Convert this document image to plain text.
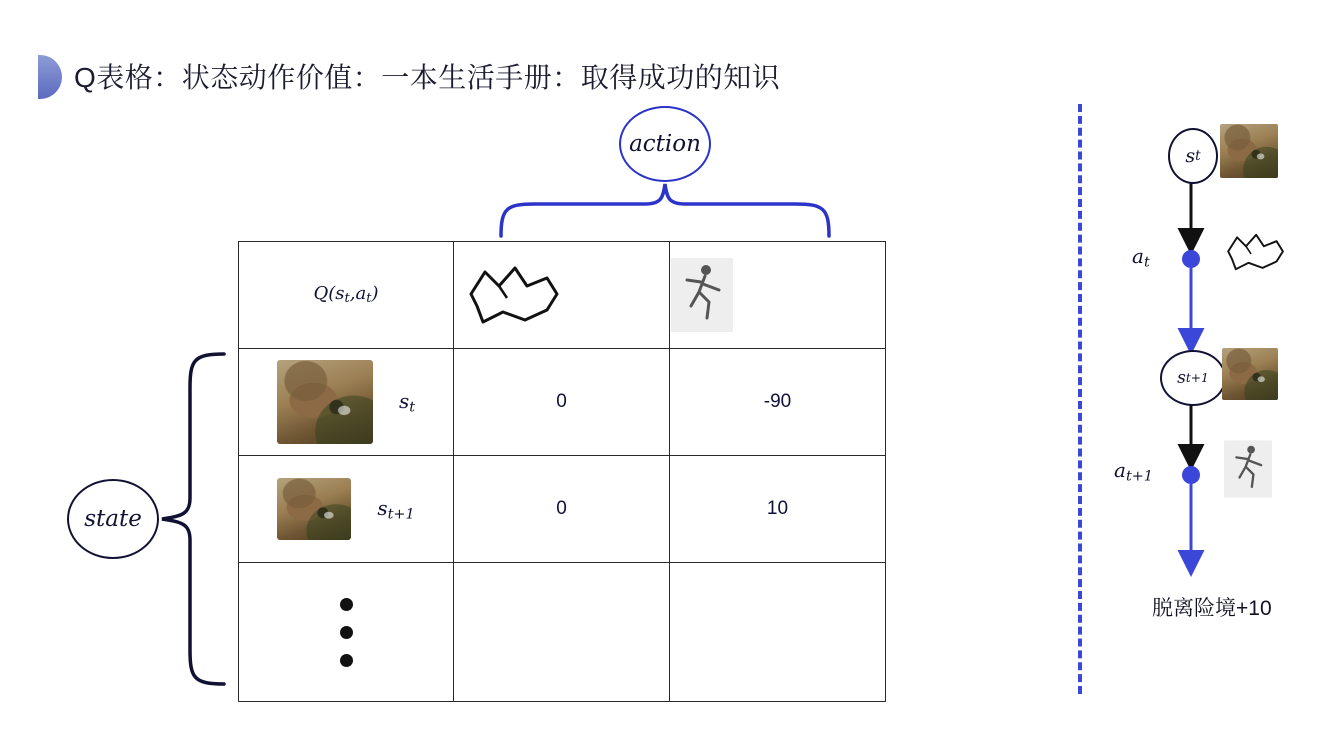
Q表格：状态动作价值：一本生活手册：取得成功的知识
action
state
$Q(s_t,a_t)$	

$s_t$	0	-90

$s_{t+1}$	0	10

s t
$a_t$
s t+1
$a_{t+1}$
脱离险境+10
